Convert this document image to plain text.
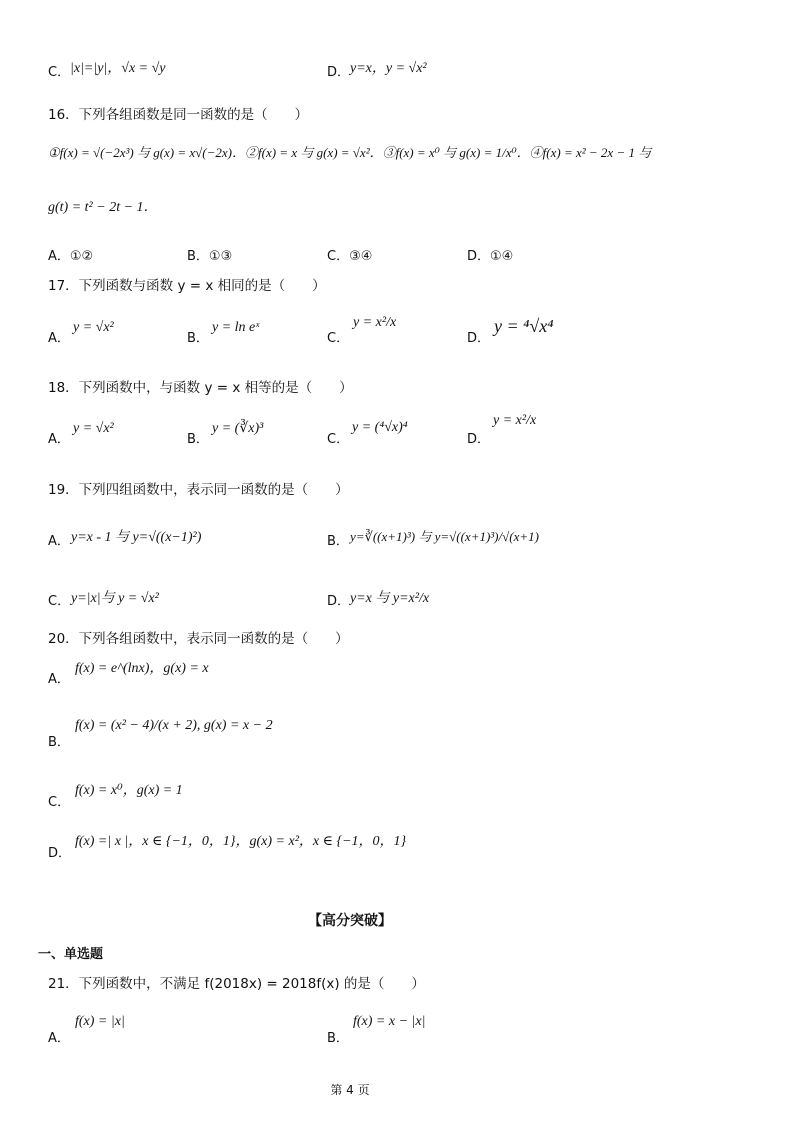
C． |x|=|y|，√x = √y	D． y=x，y = √x²
16．下列各组函数是同一函数的是（　　）
①f(x) = √(−2x³) 与 g(x) = x√(−2x)．②f(x) = x 与 g(x) = √x²．③f(x) = x⁰ 与 g(x) = 1/x⁰．④f(x) = x² − 2x − 1 与
g(t) = t² − 2t − 1．
A．①②	B．①③	C．③④	D．①④
17．下列函数与函数 y = x 相同的是（　　）
A．
y = √x²
B．
y = ln eˣ
C．
y = x²/x
D．
y = ⁴√x⁴
18．下列函数中，与函数 y = x 相等的是（　　）
A．
y = √x²
B．
y = (∛x)³
C．
y = (⁴√x)⁴
D．
y = x²/x
19．下列四组函数中，表示同一函数的是（　　）
A． y=x - 1 与 y=√((x−1)²)	B． y=∛((x+1)³) 与 y=√((x+1)³)/√(x+1)
C． y=|x|与 y = √x²	D． y=x 与 y=x²/x
20．下列各组函数中，表示同一函数的是（　　）
A．
f(x) = e^(lnx)，g(x) = x
B．
f(x) = (x² − 4)/(x + 2), g(x) = x − 2
C．
f(x) = x⁰，g(x) = 1
D．
f(x) =| x |，x ∈ {−1，0，1}，g(x) = x²，x ∈ {−1，0，1}
【高分突破】
一、单选题
21．下列函数中，不满足 f(2018x) = 2018f(x) 的是（　　）
A．
f(x) = |x|
B．
f(x) = x − |x|
第 4 页
